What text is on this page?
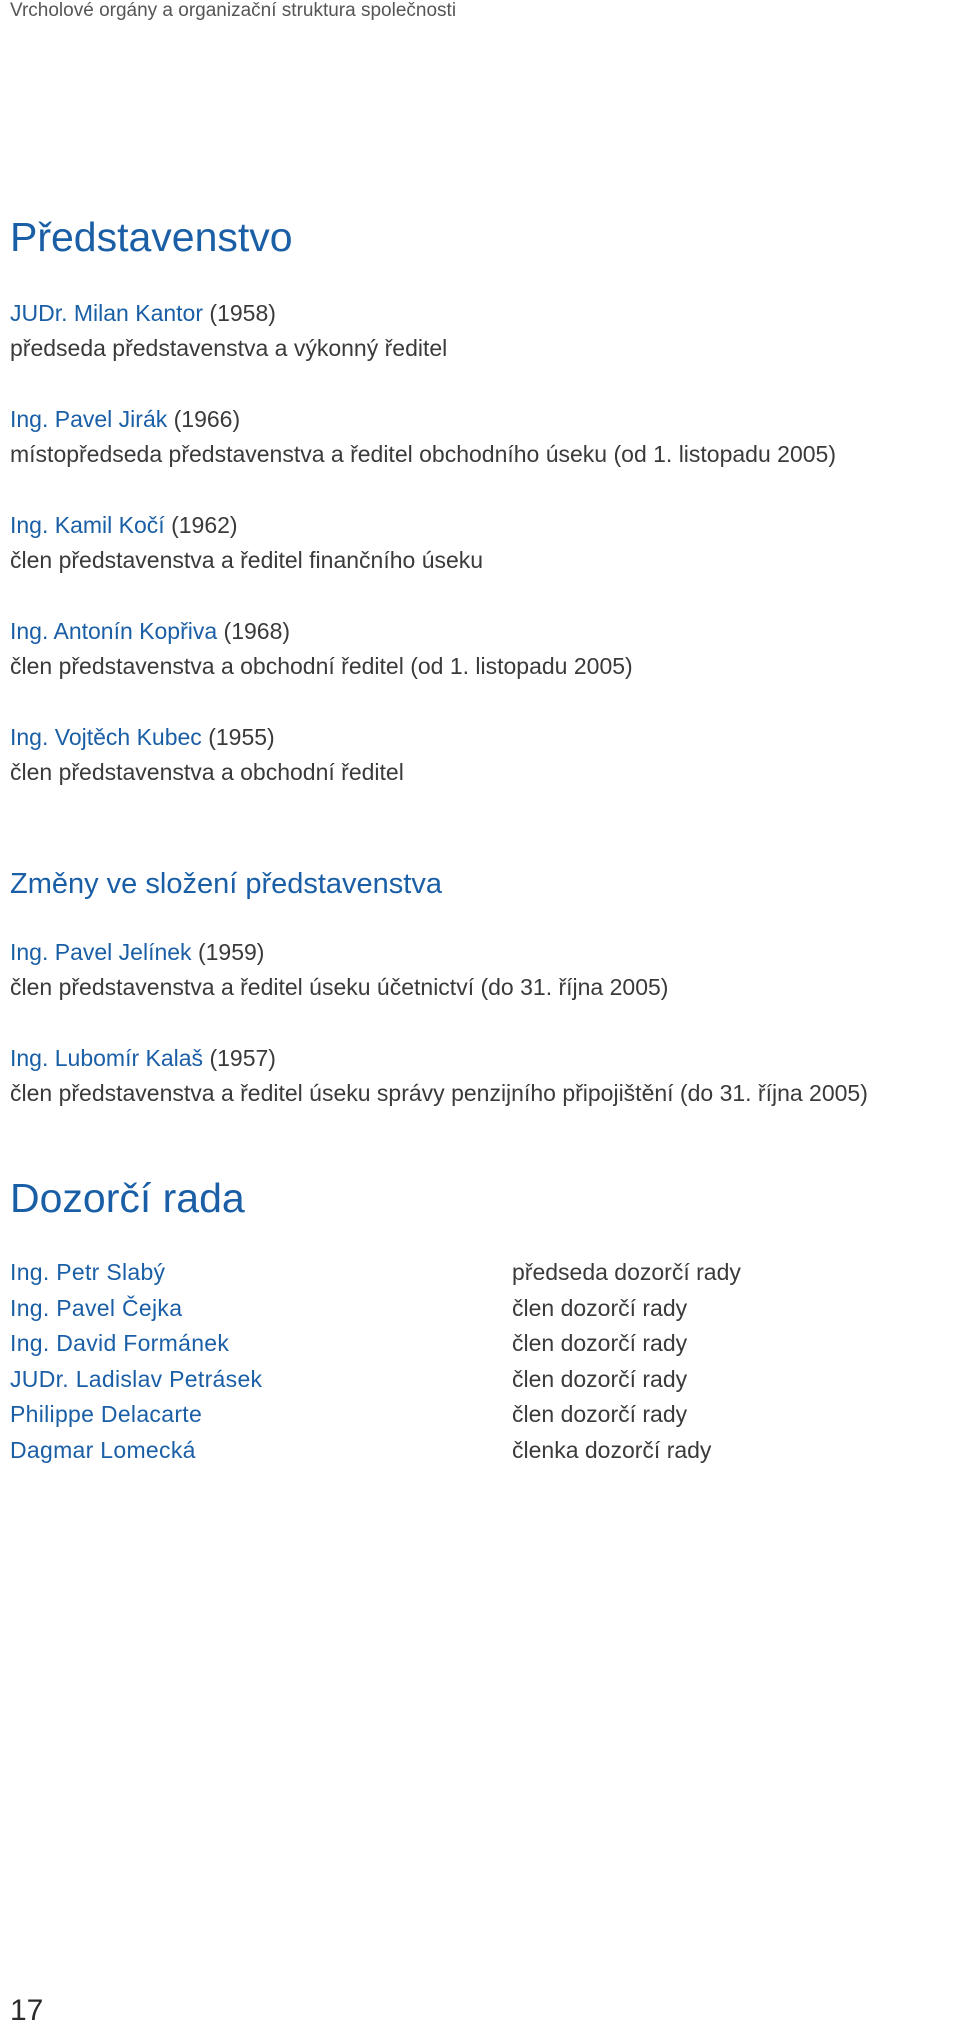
Vrcholové orgány a organizační struktura společnosti
Představenstvo
JUDr. Milan Kantor (1958)
předseda představenstva a výkonný ředitel
Ing. Pavel Jirák (1966)
místopředseda představenstva a ředitel obchodního úseku (od 1. listopadu 2005)
Ing. Kamil Kočí (1962)
člen představenstva a ředitel finančního úseku
Ing. Antonín Kopřiva (1968)
člen představenstva a obchodní ředitel (od 1. listopadu 2005)
Ing. Vojtěch Kubec (1955)
člen představenstva a obchodní ředitel
Změny ve složení představenstva
Ing. Pavel Jelínek (1959)
člen představenstva a ředitel úseku účetnictví (do 31. října 2005)
Ing. Lubomír Kalaš (1957)
člen představenstva a ředitel úseku správy penzijního připojištění (do 31. října 2005)
Dozorčí rada
Ing. Petr Slabý	předseda dozorčí rady
Ing. Pavel Čejka	člen dozorčí rady
Ing. David Formánek	člen dozorčí rady
JUDr. Ladislav Petrásek	člen dozorčí rady
Philippe Delacarte	člen dozorčí rady
Dagmar Lomecká	členka dozorčí rady
17
